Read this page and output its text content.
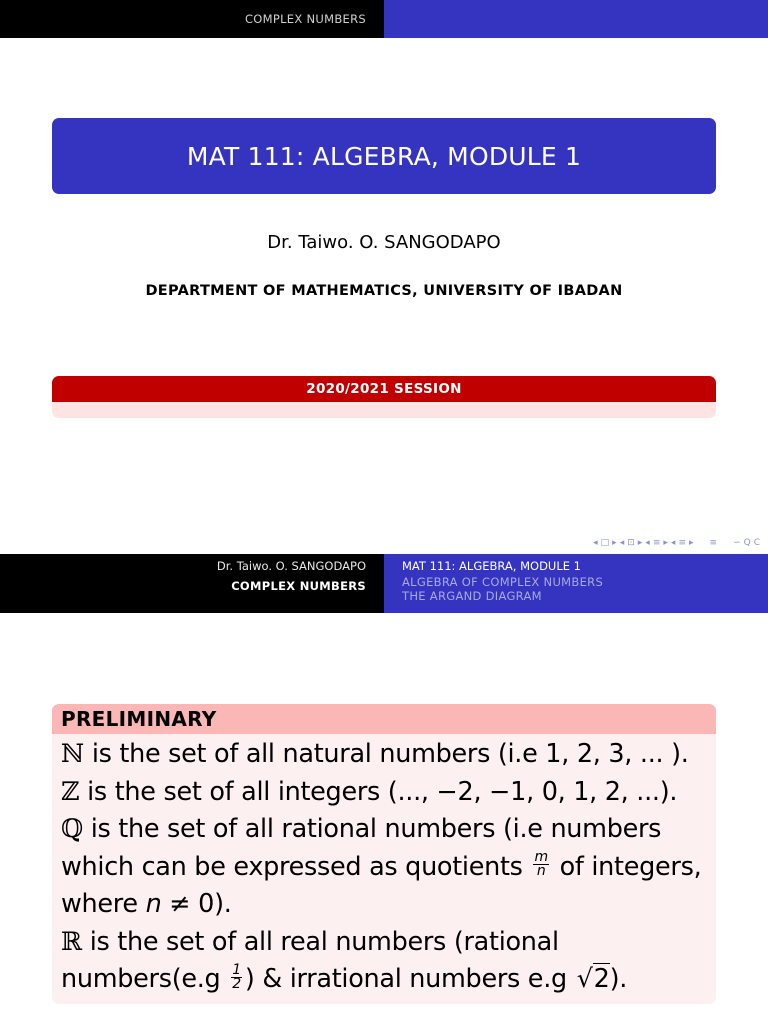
COMPLEX NUMBERS
MAT 111: ALGEBRA, MODULE 1
Dr. Taiwo. O. SANGODAPO
DEPARTMENT OF MATHEMATICS, UNIVERSITY OF IBADAN
2020/2021 SESSION
◂ □ ▸ ◂ ⊡ ▸ ◂ ≡ ▸ ◂ ≡ ▸ ≡ ∽ Q C
Dr. Taiwo. O. SANGODAPO
COMPLEX NUMBERS
MAT 111: ALGEBRA, MODULE 1
ALGEBRA OF COMPLEX NUMBERS
THE ARGAND DIAGRAM
PRELIMINARY
ℕ is the set of all natural numbers (i.e 1, 2, 3, ... ).
ℤ is the set of all integers (..., −2, −1, 0, 1, 2, ...).
ℚ is the set of all rational numbers (i.e numbers
which can be expressed as quotients $\frac{m}{n}$ of integers,
where n ≠ 0).
ℝ is the set of all real numbers (rational
numbers(e.g $\frac{1}{2}$ ) & irrational numbers e.g √2).
